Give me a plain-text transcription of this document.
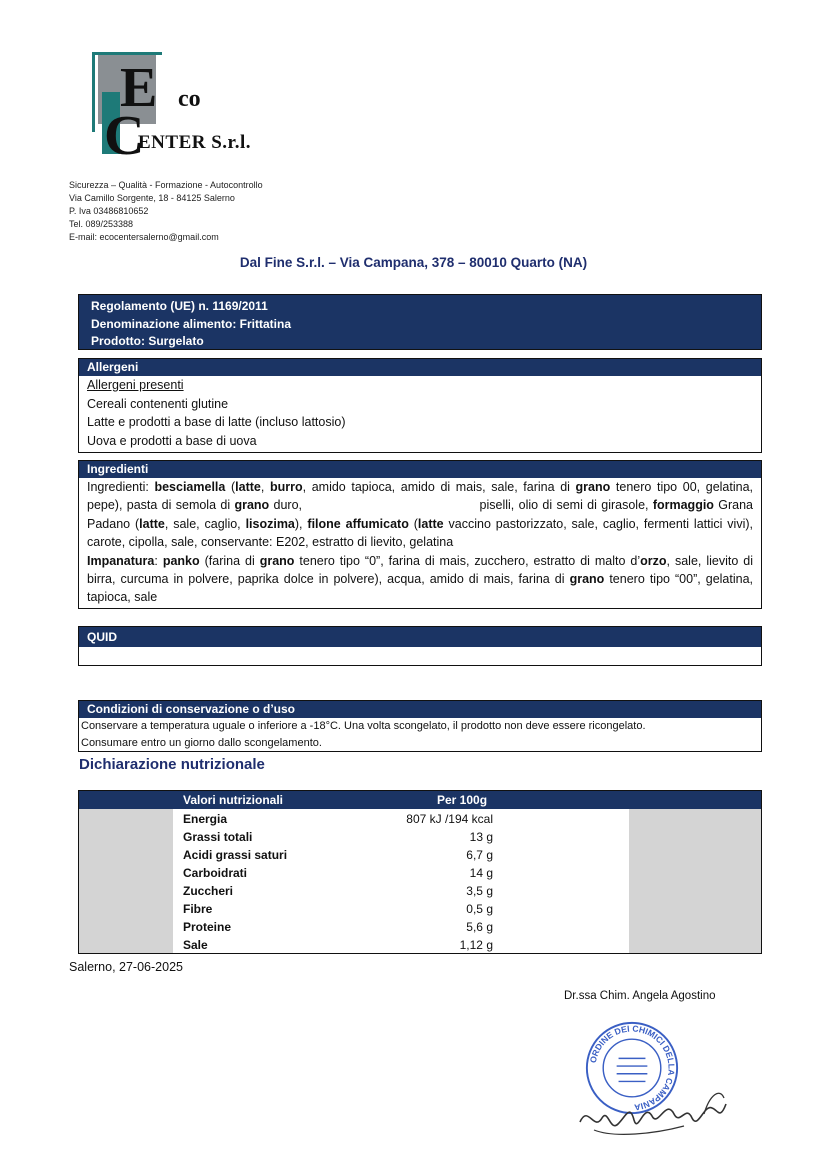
E co
C
ENTER S.r.l.
Sicurezza – Qualità - Formazione - Autocontrollo
Via Camillo Sorgente, 18 - 84125 Salerno
P. Iva 03486810652
Tel. 089/253388
E-mail: ecocentersalerno@gmail.com
Dal Fine S.r.l. – Via Campana, 378 – 80010 Quarto (NA)
Regolamento (UE) n. 1169/2011
Denominazione alimento: Frittatina
Prodotto: Surgelato
Allergeni
Allergeni presenti
Cereali contenenti glutine
Latte e prodotti a base di latte (incluso lattosio)
Uova e prodotti a base di uova
Ingredienti
Ingredienti: besciamella (latte, burro, amido tapioca, amido di mais, sale, farina di grano tenero tipo 00, gelatina, pepe), pasta di semola di grano duro,                                         piselli, olio di semi di girasole, formaggio Grana Padano (latte, sale, caglio, lisozima), filone affumicato (latte vaccino pastorizzato, sale, caglio, fermenti lattici vivi), carote, cipolla, sale, conservante: E202, estratto di lievito, gelatina
Impanatura: panko (farina di grano tenero tipo “0”, farina di mais, zucchero, estratto di malto d’orzo, sale, lievito di birra, curcuma in polvere, paprika dolce in polvere), acqua, amido di mais, farina di grano tenero tipo “00”, gelatina, tapioca, sale
QUID
Condizioni di conservazione o d’uso
Conservare a temperatura uguale o inferiore a -18°C. Una volta scongelato, il prodotto non deve essere ricongelato.
Consumare entro un giorno dallo scongelamento.
Dichiarazione nutrizionale
Valori nutrizionali	Per 100g
Energia	807 kJ /194 kcal
Grassi totali	13 g
Acidi grassi saturi	6,7 g
Carboidrati	14 g
Zuccheri	3,5 g
Fibre	0,5 g
Proteine	5,6 g
Sale	1,12 g
Salerno, 27-06-2025
Dr.ssa Chim. Angela Agostino
ORDINE DEI CHIMICI DELLA CAMPANIA
